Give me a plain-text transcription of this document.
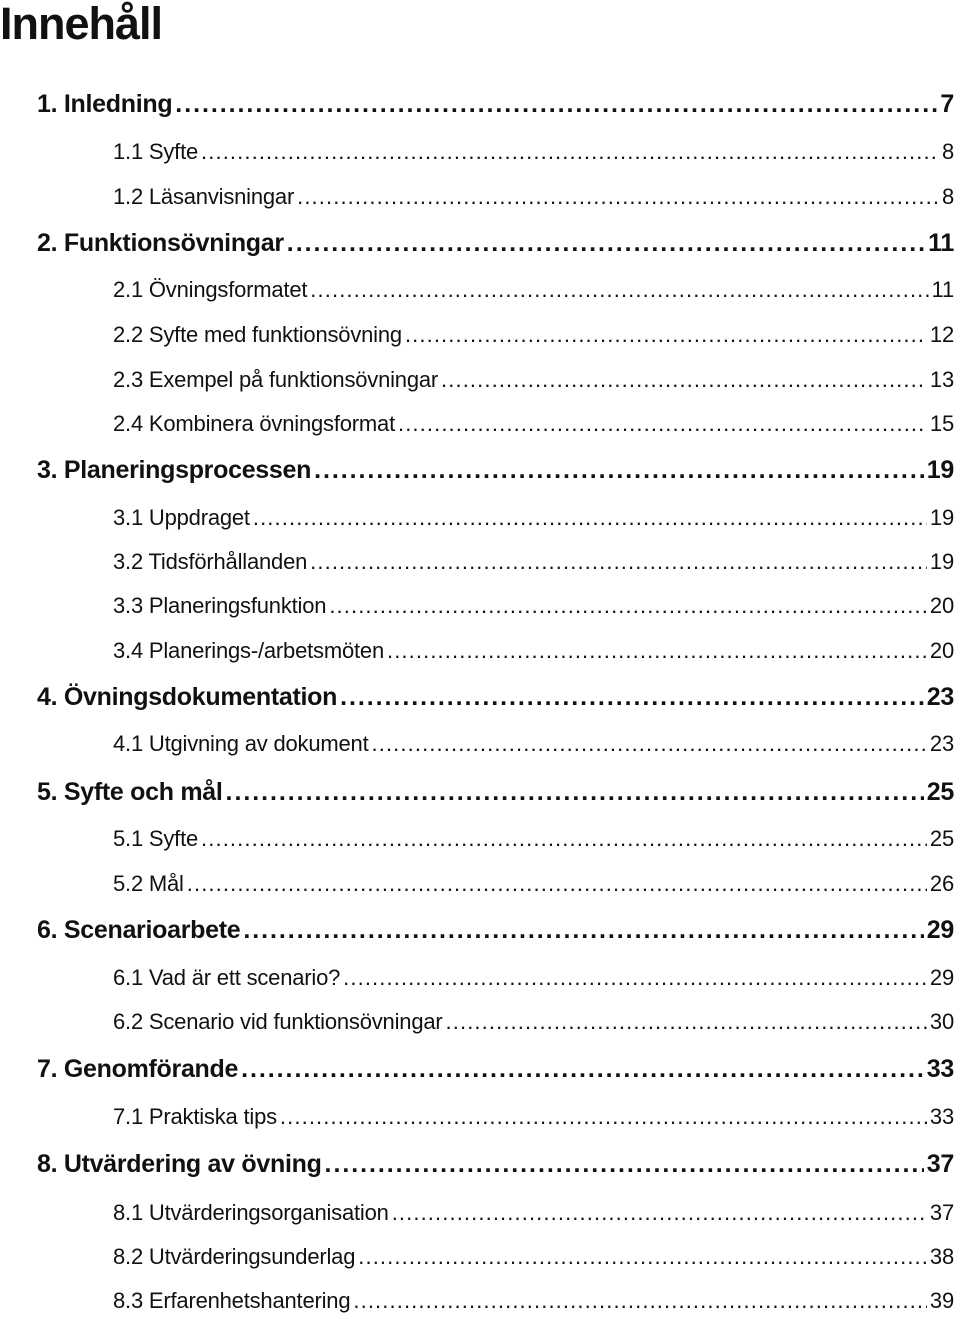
Innehåll
1. Inledning . . .	7
1.1 Syfte . . .	8
1.2 Läsanvisningar . . .	8
2. Funktionsövningar . . .	11
2.1 Övningsformatet . . .	11
2.2 Syfte med funktionsövning . . .	12
2.3 Exempel på funktionsövningar . . .	13
2.4 Kombinera övningsformat . . .	15
3. Planeringsprocessen . . .	19
3.1 Uppdraget . . .	19
3.2 Tidsförhållanden . . .	19
3.3 Planeringsfunktion . . .	20
3.4 Planerings-/arbetsmöten . . .	20
4. Övningsdokumentation . . .	23
4.1 Utgivning av dokument . . .	23
5. Syfte och mål . . .	25
5.1 Syfte . . .	25
5.2 Mål . . .	26
6. Scenarioarbete . . .	29
6.1 Vad är ett scenario? . . .	29
6.2 Scenario vid funktionsövningar . . .	30
7. Genomförande . . .	33
7.1 Praktiska tips . . .	33
8. Utvärdering av övning . . .	37
8.1 Utvärderingsorganisation . . .	37
8.2 Utvärderingsunderlag . . .	38
8.3 Erfarenhetshantering . . .	39
